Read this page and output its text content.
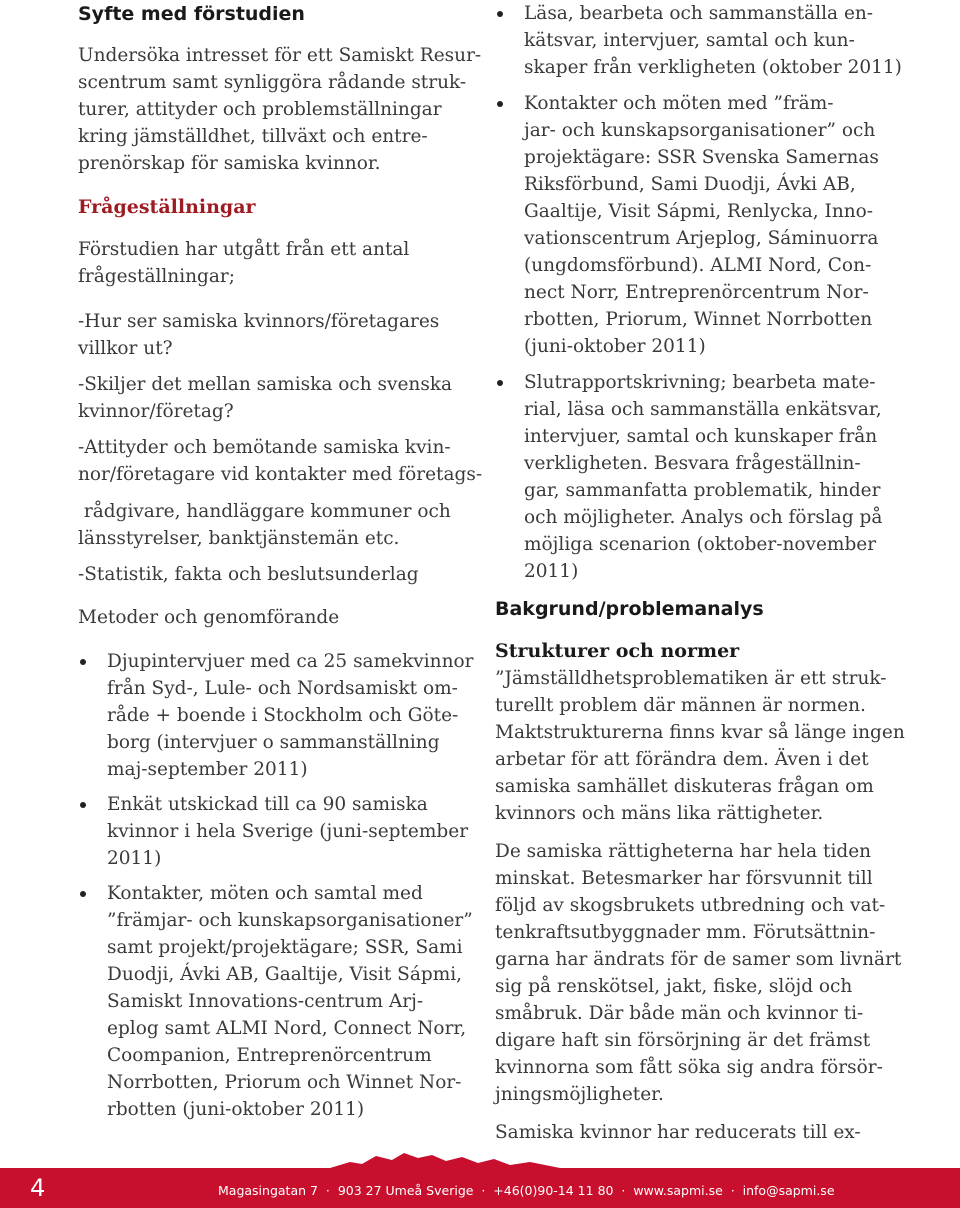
Syfte med förstudien

Undersöka intresset för ett Samiskt Resur-

scentrum samt synliggöra rådande struk-

turer, attityder och problemställningar

kring jämställdhet, tillväxt och entre-

prenörskap för samiska kvinnor.

Frågeställningar

Förstudien har utgått från ett antal

frågeställningar;

-Hur ser samiska kvinnors/företagares

villkor ut?

-Skiljer det mellan samiska och svenska

kvinnor/företag?

-Attityder och bemötande samiska kvin-

nor/företagare vid kontakter med företags-

rådgivare, handläggare kommuner och

länsstyrelser, banktjänstemän etc.

-Statistik, fakta och beslutsunderlag

Metoder och genomförande

Djupintervjuer med ca 25 samekvinnor
från Syd-, Lule- och Nordsamiskt om-
råde + boende i Stockholm och Göte-
borg (intervjuer o sammanställning
maj-september 2011)
Enkät utskickad till ca 90 samiska
kvinnor i hela Sverige (juni-september
2011)
Kontakter, möten och samtal med
”främjar- och kunskapsorganisationer”
samt projekt/projektägare; SSR, Sami
Duodji, Ávki AB, Gaaltije, Visit Sápmi,
Samiskt Innovations-centrum Arj-
eplog samt ALMI Nord, Connect Norr,
Coompanion, Entreprenörcentrum
Norrbotten, Priorum och Winnet Nor-
rbotten (juni-oktober 2011)
Läsa, bearbeta och sammanställa en-
kätsvar, intervjuer, samtal och kun-
skaper från verkligheten (oktober 2011)
Kontakter och möten med ”främ-
jar- och kunskapsorganisationer” och
projektägare: SSR Svenska Samernas
Riksförbund, Sami Duodji, Ávki AB,
Gaaltije, Visit Sápmi, Renlycka, Inno-
vationscentrum Arjeplog, Sáminuorra
(ungdomsförbund). ALMI Nord, Con-
nect Norr, Entreprenörcentrum Nor-
rbotten, Priorum, Winnet Norrbotten
(juni-oktober 2011)
Slutrapportskrivning; bearbeta mate-
rial, läsa och sammanställa enkätsvar,
intervjuer, samtal och kunskaper från
verkligheten. Besvara frågeställnin-
gar, sammanfatta problematik, hinder
och möjligheter. Analys och förslag på
möjliga scenarion (oktober-november
2011)
Bakgrund/problemanalys
Strukturer och normer

”Jämställdhetsproblematiken är ett struk-

turellt problem där männen är normen.

Maktstrukturerna finns kvar så länge ingen

arbetar för att förändra dem. Även i det

samiska samhället diskuteras frågan om

kvinnors och mäns lika rättigheter.

De samiska rättigheterna har hela tiden

minskat. Betesmarker har försvunnit till

följd av skogsbrukets utbredning och vat-

tenkraftsutbyggnader mm. Förutsättnin-

garna har ändrats för de samer som livnärt

sig på renskötsel, jakt, fiske, slöjd och

småbruk. Där både män och kvinnor ti-

digare haft sin försörjning är det främst

kvinnorna som fått söka sig andra försör-

jningsmöjligheter.

Samiska kvinnor har reducerats till ex-

4	Magasingatan 7  ·  903 27 Umeå Sverige  ·  +46(0)90-14 11 80  ·  www.sapmi.se  ·  info@sapmi.se
